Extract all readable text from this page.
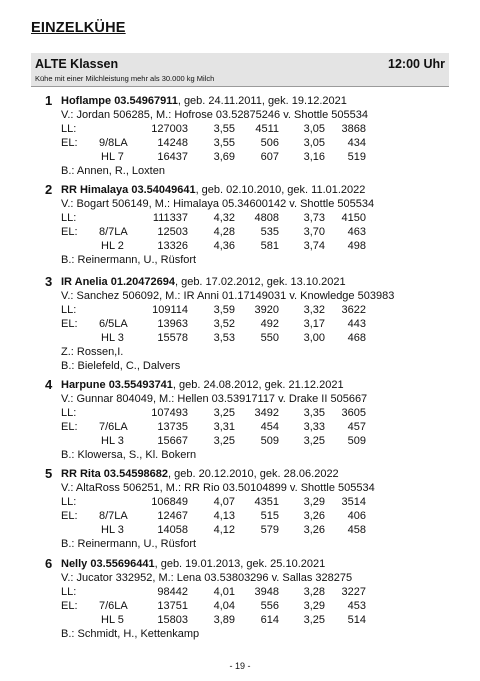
EINZELKÜHE
ALTE Klassen	12:00 Uhr
Kühe mit einer Milchleistung mehr als 30.000 kg Milch
1 Hoflampe 03.54967911, geb. 24.11.2011, gek. 19.12.2021
V.: Jordan 506285, M.: Hofrose 03.52875246 v. Shottle 505534
LL:	127003 3,55 4511 3,05 3868
EL: 9/8LA	14248 3,55 506 3,05 434
HL 7	16437 3,69 607 3,16 519
B.: Annen, R., Loxten
2 RR Himalaya 03.54049641, geb. 02.10.2010, gek. 11.01.2022
V.: Bogart 506149, M.: Himalaya 05.34600142 v. Shottle 505534
LL:	111337 4,32 4808 3,73 4150
EL: 8/7LA	12503 4,28 535 3,70 463
HL 2	13326 4,36 581 3,74 498
B.: Reinermann, U., Rüsfort
3 IR Anelia 01.20472694, geb. 17.02.2012, gek. 13.10.2021
V.: Sanchez 506092, M.: IR Anni 01.17149031 v. Knowledge 503983
LL:	109114 3,59 3920 3,32 3622
EL: 6/5LA	13963 3,52 492 3,17 443
HL 3	15578 3,53 550 3,00 468
Z.: Rossen,I.
B.: Bielefeld, C., Dalvers
4 Harpune 03.55493741, geb. 24.08.2012, gek. 21.12.2021
V.: Gunnar 804049, M.: Hellen 03.53917117 v. Drake II 505667
LL:	107493 3,25 3492 3,35 3605
EL: 7/6LA	13735 3,31 454 3,33 457
HL 3	15667 3,25 509 3,25 509
B.: Klowersa, S., Kl. Bokern
5 RR Rita 03.54598682, geb. 20.12.2010, gek. 28.06.2022
V.: AltaRoss 506251, M.: RR Rio 03.50104899 v. Shottle 505534
LL:	106849 4,07 4351 3,29 3514
EL: 8/7LA	12467 4,13 515 3,26 406
HL 3	14058 4,12 579 3,26 458
B.: Reinermann, U., Rüsfort
6 Nelly 03.55696441, geb. 19.01.2013, gek. 25.10.2021
V.: Jucator 332952, M.: Lena 03.53803296 v. Sallas 328275
LL:	98442 4,01 3948 3,28 3227
EL: 7/6LA	13751 4,04 556 3,29 453
HL 5	15803 3,89 614 3,25 514
B.: Schmidt, H., Kettenkamp
- 19 -
